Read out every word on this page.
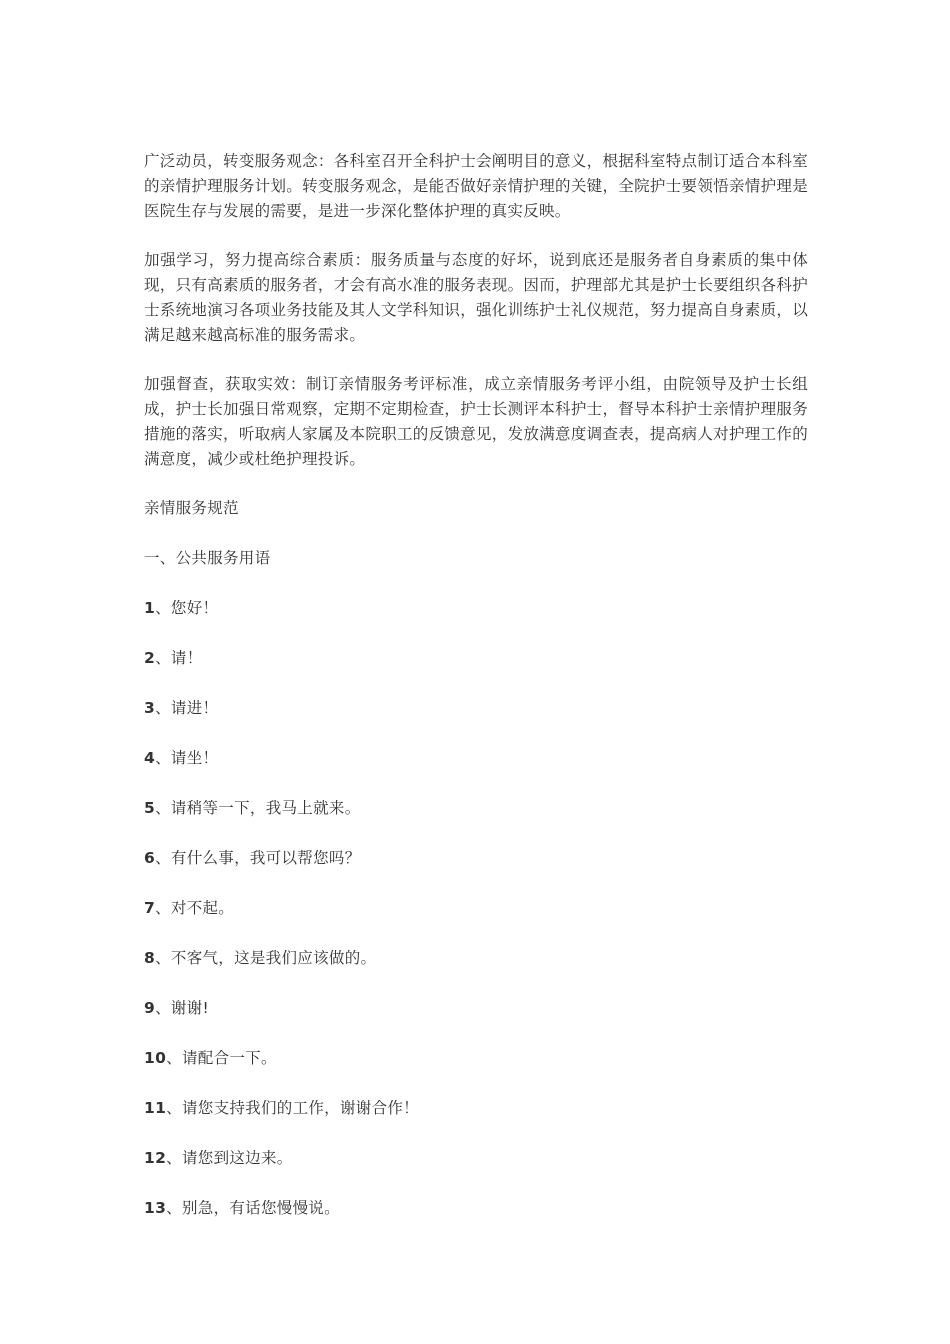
广泛动员，转变服务观念：各科室召开全科护士会阐明目的意义，根据科室特点制订适合本科室的亲情护理服务计划。转变服务观念，是能否做好亲情护理的关键，全院护士要领悟亲情护理是医院生存与发展的需要，是进一步深化整体护理的真实反映。

加强学习，努力提高综合素质：服务质量与态度的好坏，说到底还是服务者自身素质的集中体现，只有高素质的服务者，才会有高水准的服务表现。因而，护理部尤其是护士长要组织各科护士系统地演习各项业务技能及其人文学科知识，强化训练护士礼仪规范，努力提高自身素质，以满足越来越高标准的服务需求。

加强督查，获取实效：制订亲情服务考评标准，成立亲情服务考评小组，由院领导及护士长组成，护士长加强日常观察，定期不定期检查，护士长测评本科护士，督导本科护士亲情护理服务措施的落实，听取病人家属及本院职工的反馈意见，发放满意度调查表，提高病人对护理工作的满意度，减少或杜绝护理投诉。

亲情服务规范

一、公共服务用语

1、您好！

2、请！

3、请进！

4、请坐！

5、请稍等一下，我马上就来。

6、有什么事，我可以帮您吗？

7、对不起。

8、不客气，这是我们应该做的。

9、谢谢!

10、请配合一下。

11、请您支持我们的工作，谢谢合作！

12、请您到这边来。

13、别急，有话您慢慢说。
